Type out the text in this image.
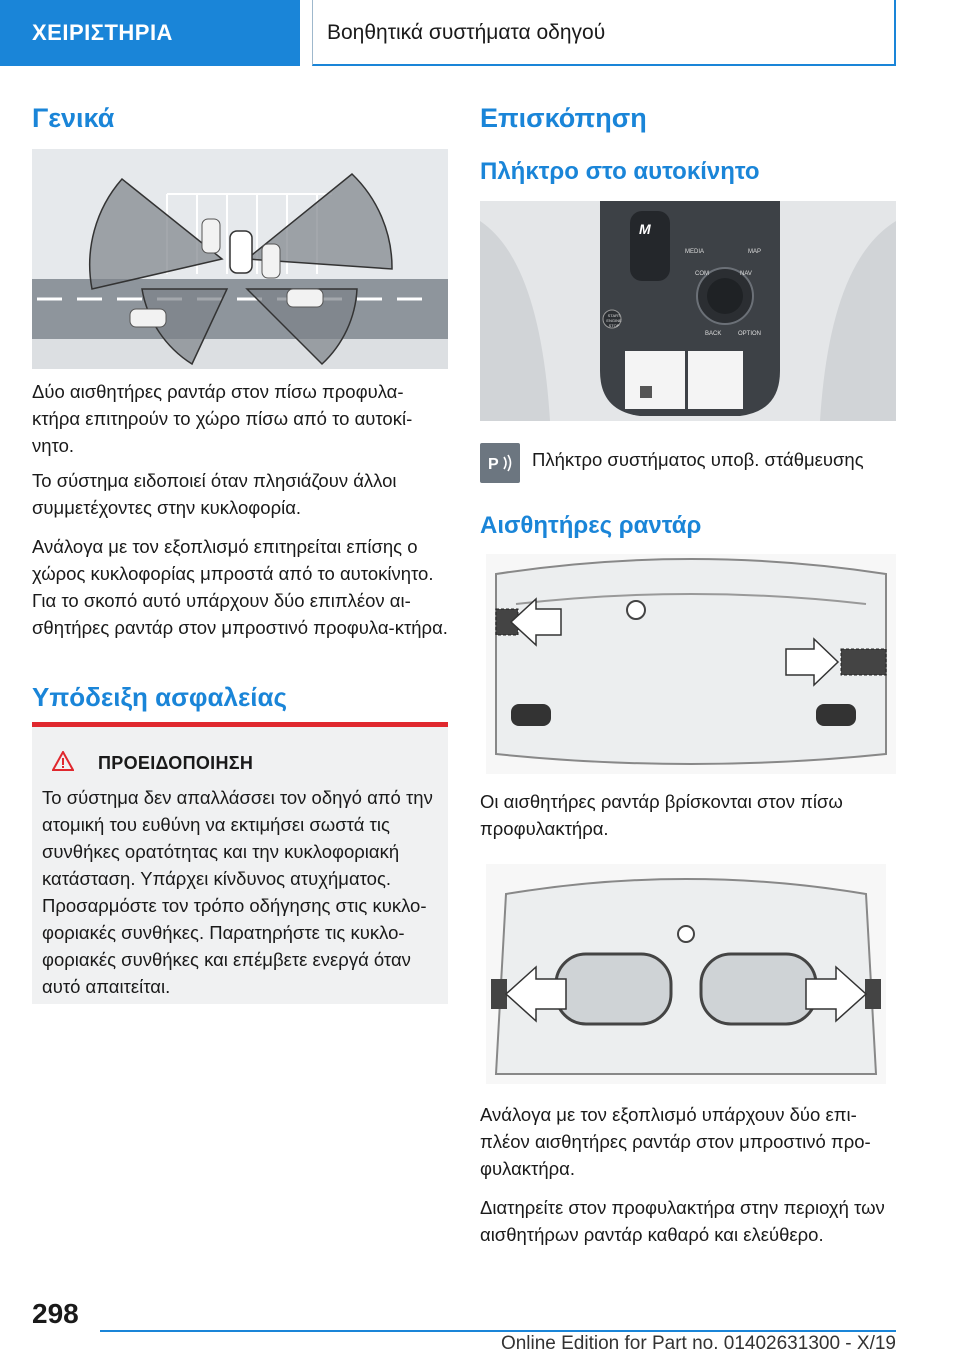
ΧΕΙΡΙΣΤΗΡΙΑ	Βοηθητικά συστήματα οδηγού
Γενικά

Δύο αισθητήρες ραντάρ στον πίσω προφυλα-κτήρα επιτηρούν το χώρο πίσω από το αυτοκί-νητο.

Το σύστημα ειδοποιεί όταν πλησιάζουν άλλοι συμμετέχοντες στην κυκλοφορία.

Ανάλογα με τον εξοπλισμό επιτηρείται επίσης ο χώρος κυκλοφορίας μπροστά από το αυτοκίνητο. Για το σκοπό αυτό υπάρχουν δύο επιπλέον αι-σθητήρες ραντάρ στον μπροστινό προφυλα-κτήρα.

Υπόδειξη ασφαλείας
ΠΡΟΕΙΔΟΠΟΙΗΣΗ
Το σύστημα δεν απαλλάσσει τον οδηγό από την ατομική του ευθύνη να εκτιμήσει σωστά τις συνθήκες ορατότητας και την κυκλοφοριακή κατάσταση. Υπάρχει κίνδυνος ατυχήματος. Προσαρμόστε τον τρόπο οδήγησης στις κυκλο-φοριακές συνθήκες. Παρατηρήστε τις κυκλο-φοριακές συνθήκες και επέμβετε ενεργά όταν αυτό απαιτείται.
Επισκόπηση
Πλήκτρο στο αυτοκίνητο
M
MEDIA
COM	NAV
MAP
BACK	OPTION
START ENGINE STOP
P Πλήκτρο συστήματος υποβ. στάθμευσης
Αισθητήρες ραντάρ
Οι αισθητήρες ραντάρ βρίσκονται στον πίσω προφυλακτήρα.

Ανάλογα με τον εξοπλισμό υπάρχουν δύο επι-πλέον αισθητήρες ραντάρ στον μπροστινό προ-φυλακτήρα.

Διατηρείτε στον προφυλακτήρα στην περιοχή των αισθητήρων ραντάρ καθαρό και ελεύθερο.

298
Online Edition for Part no. 01402631300 - X/19
